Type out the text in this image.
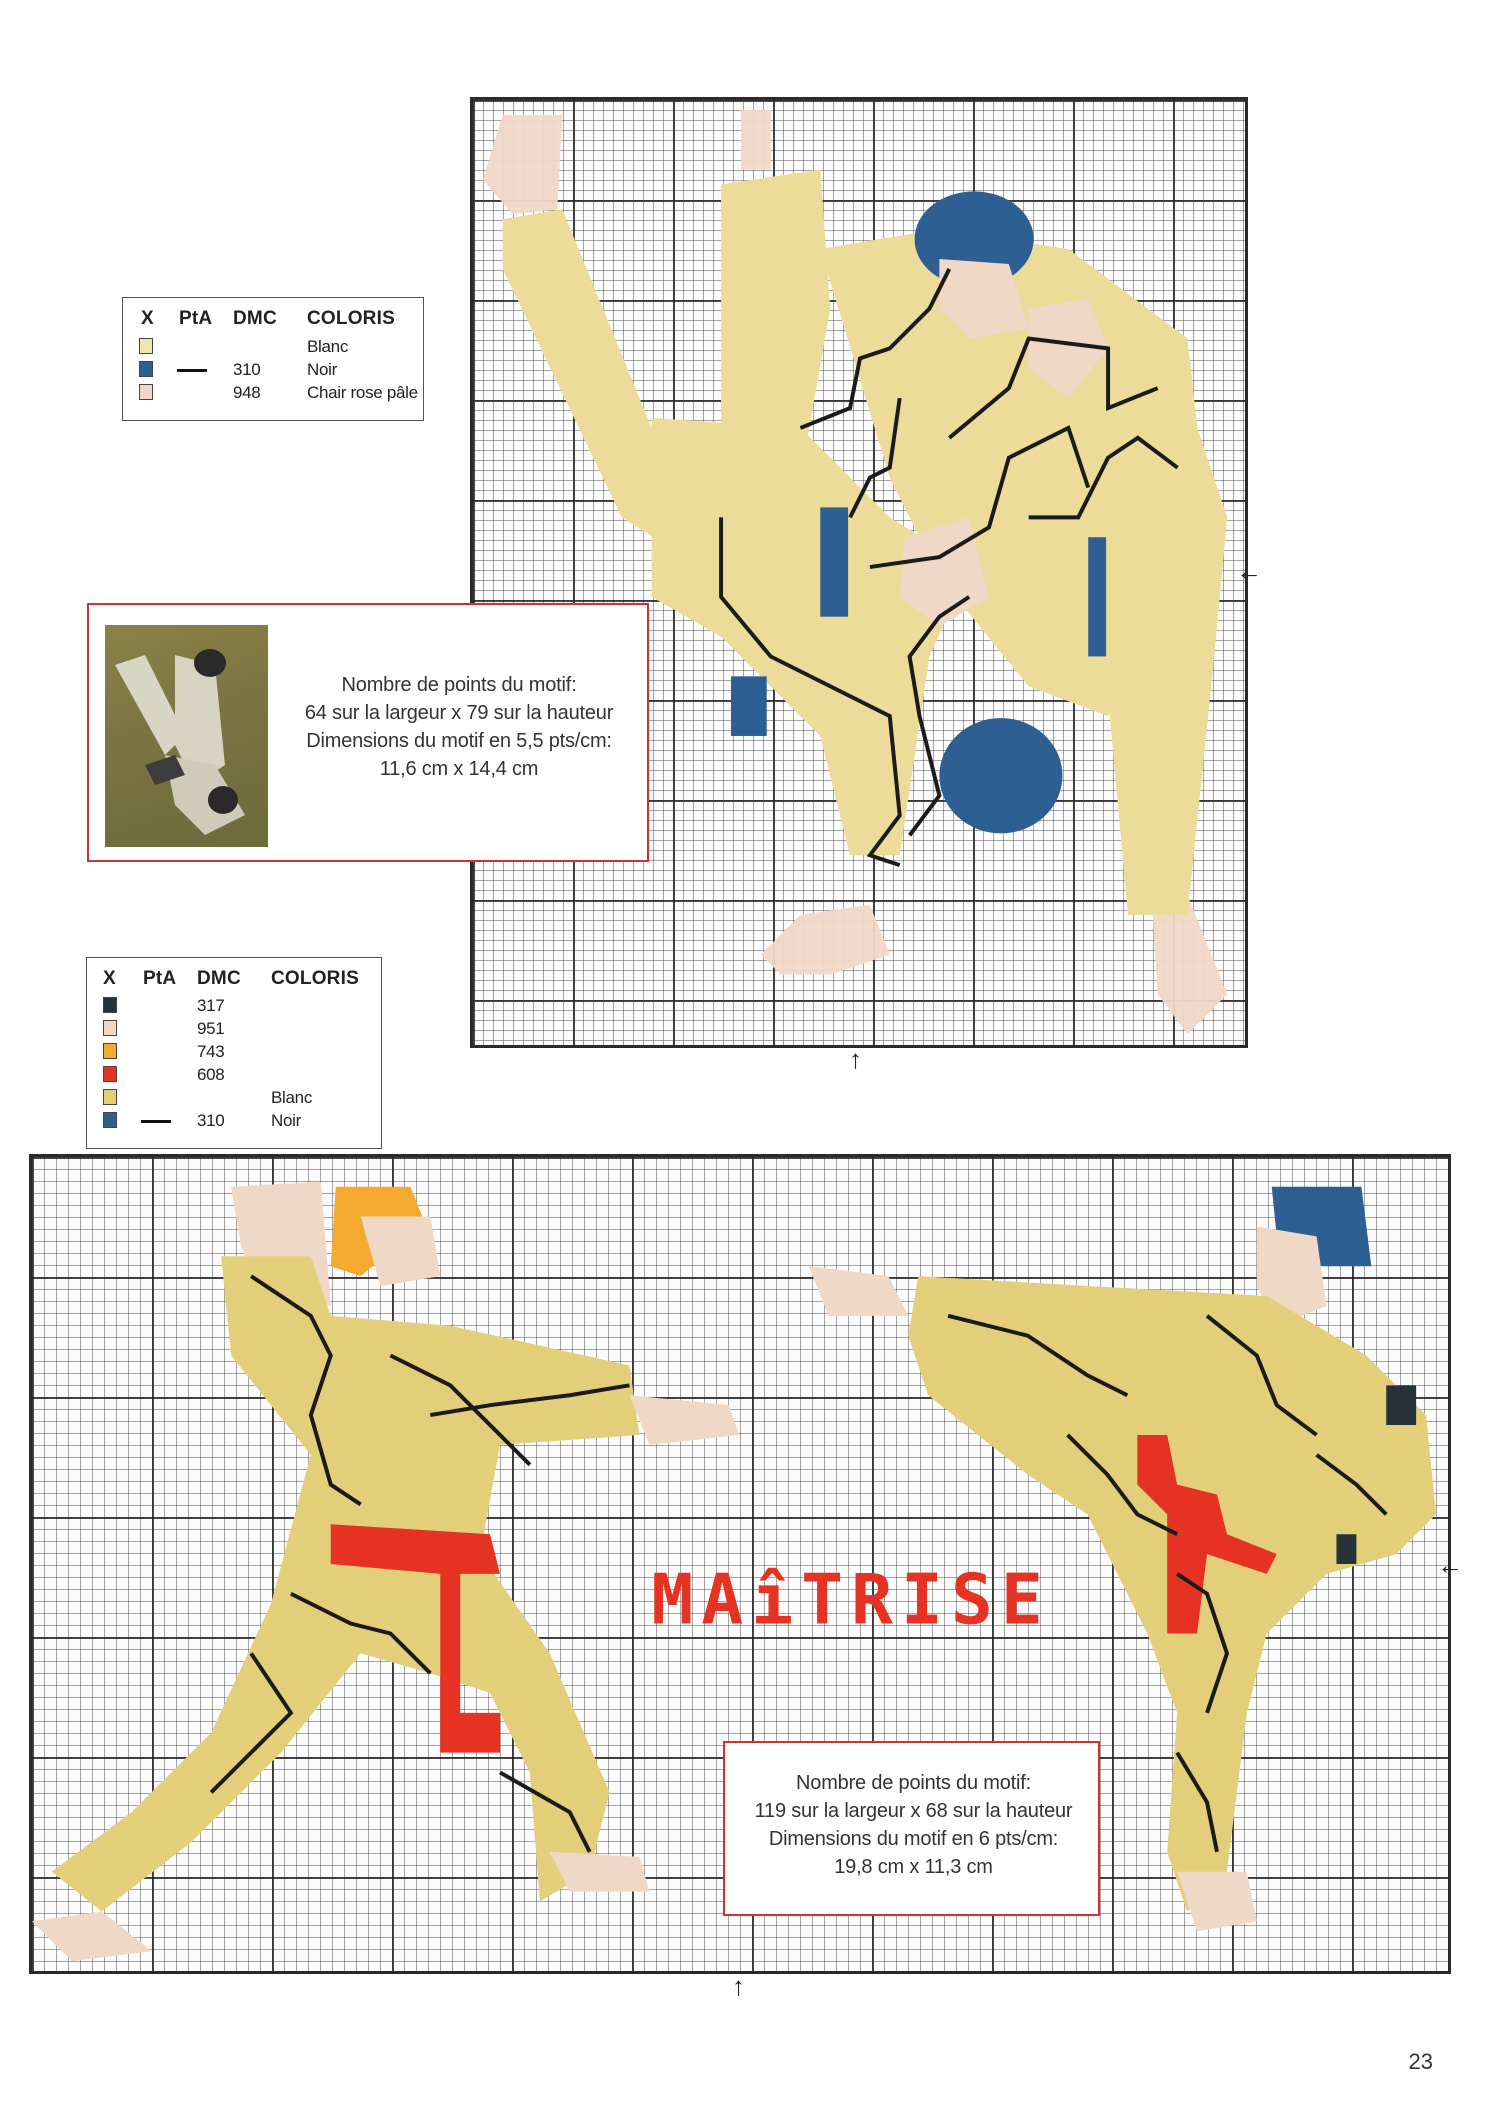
X PtA DMC COLORIS
Blanc
310	Noir
948	Chair rose pâle
Nombre de points du motif:
64 sur la largeur x 79 sur la hauteur
Dimensions du motif en 5,5 pts/cm:
11,6 cm x 14,4 cm
←
↑
X PtA DMC COLORIS
317
951
743
608
Blanc
310	Noir
MAîTRISE
Nombre de points du motif:
119 sur la largeur x 68 sur la hauteur
Dimensions du motif en 6 pts/cm:
19,8 cm x 11,3 cm
←
↑
23
